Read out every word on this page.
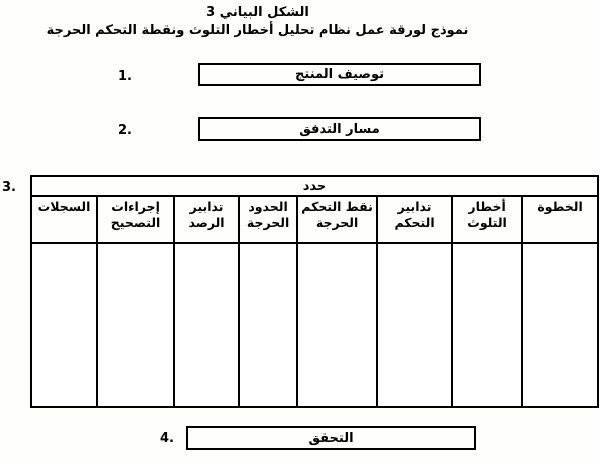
الشكل البياني 3
نموذج لورقة عمل نظام تحليل أخطار التلوث ونقطة التحكم الحرجة
1.	توصيف المنتج
2.	مسار التدفق
3.	حدد							
الخطوة	أخطار التلوث	تدابير التحكم	نقط التحكم الحرجة	الحدود الحرجة	تدابير الرصد	إجراءات التصحيح	السجلات

4.	التحقق
